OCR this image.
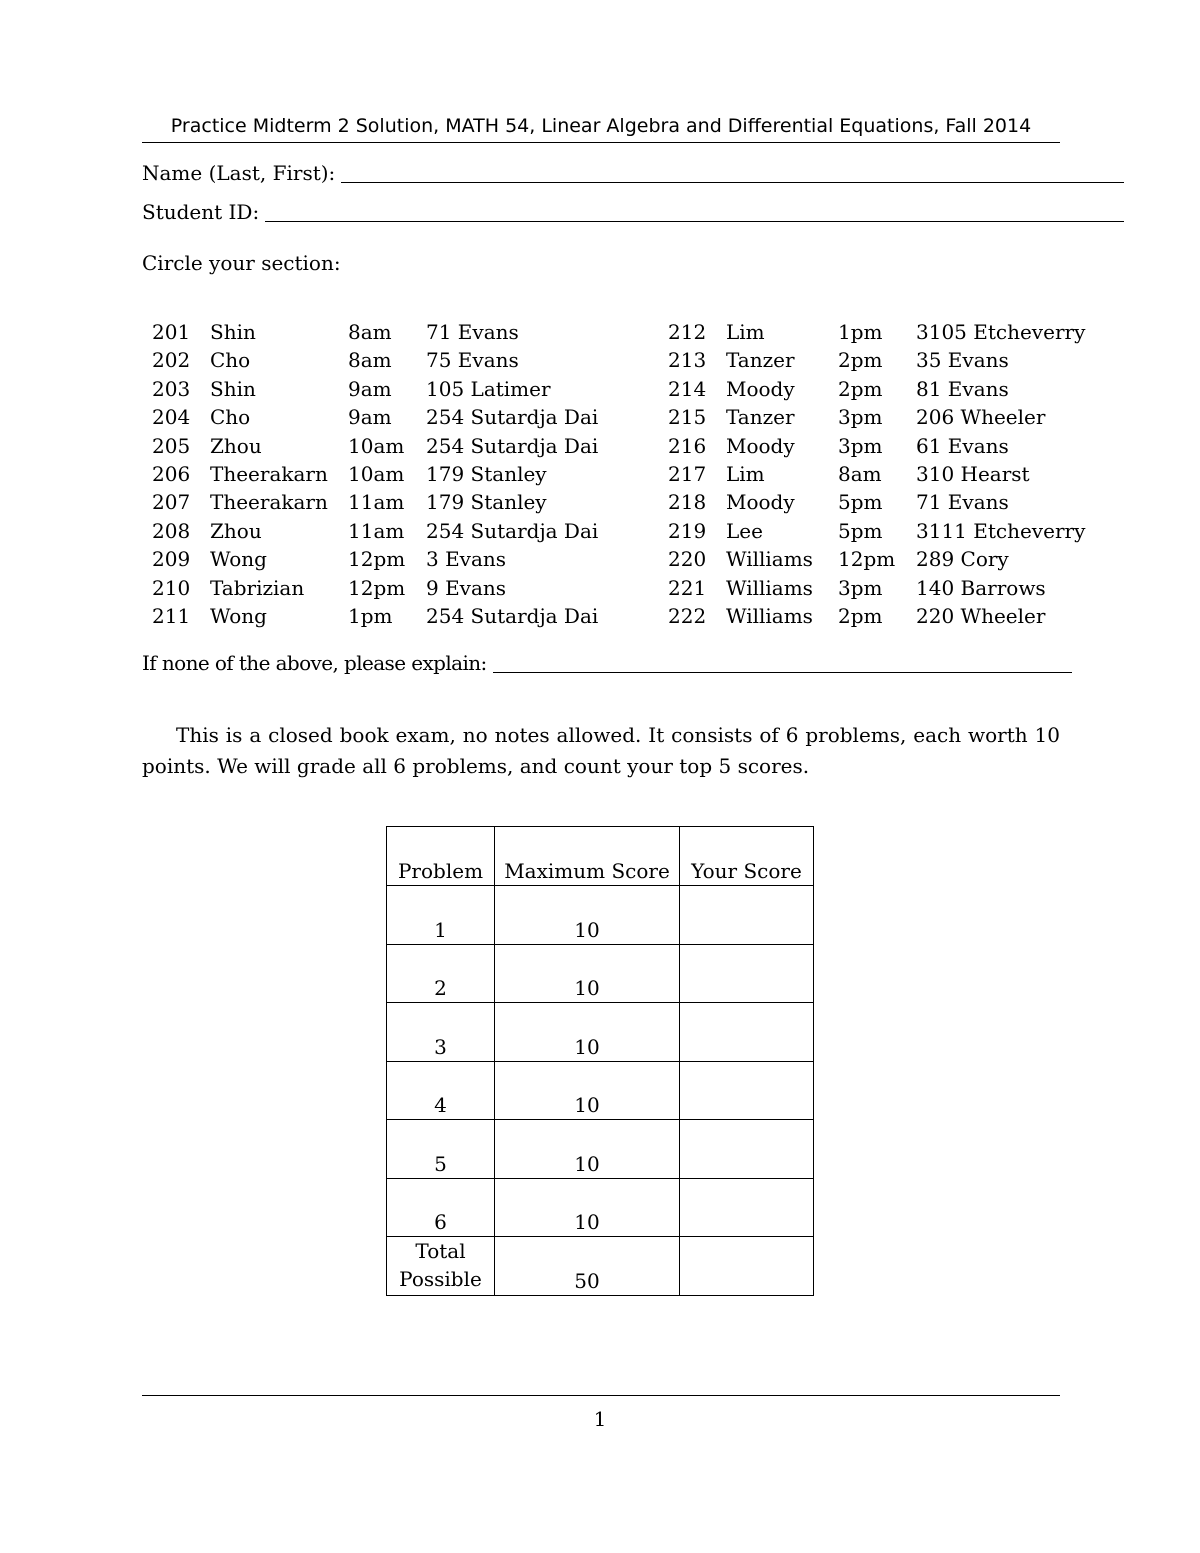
Practice Midterm 2 Solution, MATH 54, Linear Algebra and Differential Equations, Fall 2014
Name (Last, First):
Student ID:
Circle your section:
201 Shin	8am 71 Evans
202 Cho	8am 75 Evans
203 Shin	9am 105 Latimer
204 Cho	9am 254 Sutardja Dai
205 Zhou	10am 254 Sutardja Dai
206 Theerakarn 10am 179 Stanley
207 Theerakarn 11am 179 Stanley
208 Zhou	11am 254 Sutardja Dai
209 Wong	12pm 3 Evans
210 Tabrizian 12pm 9 Evans
211 Wong	1pm 254 Sutardja Dai
212 Lim	1pm 3105 Etcheverry
213 Tanzer 2pm 35 Evans
214 Moody 2pm 81 Evans
215 Tanzer 3pm 206 Wheeler
216 Moody 3pm 61 Evans
217 Lim	8am 310 Hearst
218 Moody 5pm 71 Evans
219 Lee	5pm 3111 Etcheverry
220 Williams 12pm 289 Cory
221 Williams 3pm 140 Barrows
222 Williams 2pm 220 Wheeler
If none of the above, please explain:
This is a closed book exam, no notes allowed. It consists of 6 problems, each worth 10 points. We will grade all 6 problems, and count your top 5 scores.
Problem	Maximum Score	Your Score
1	10	
2	10	
3	10	
4	10	
5	10	
6	10	

Total
Possible	50	
1
